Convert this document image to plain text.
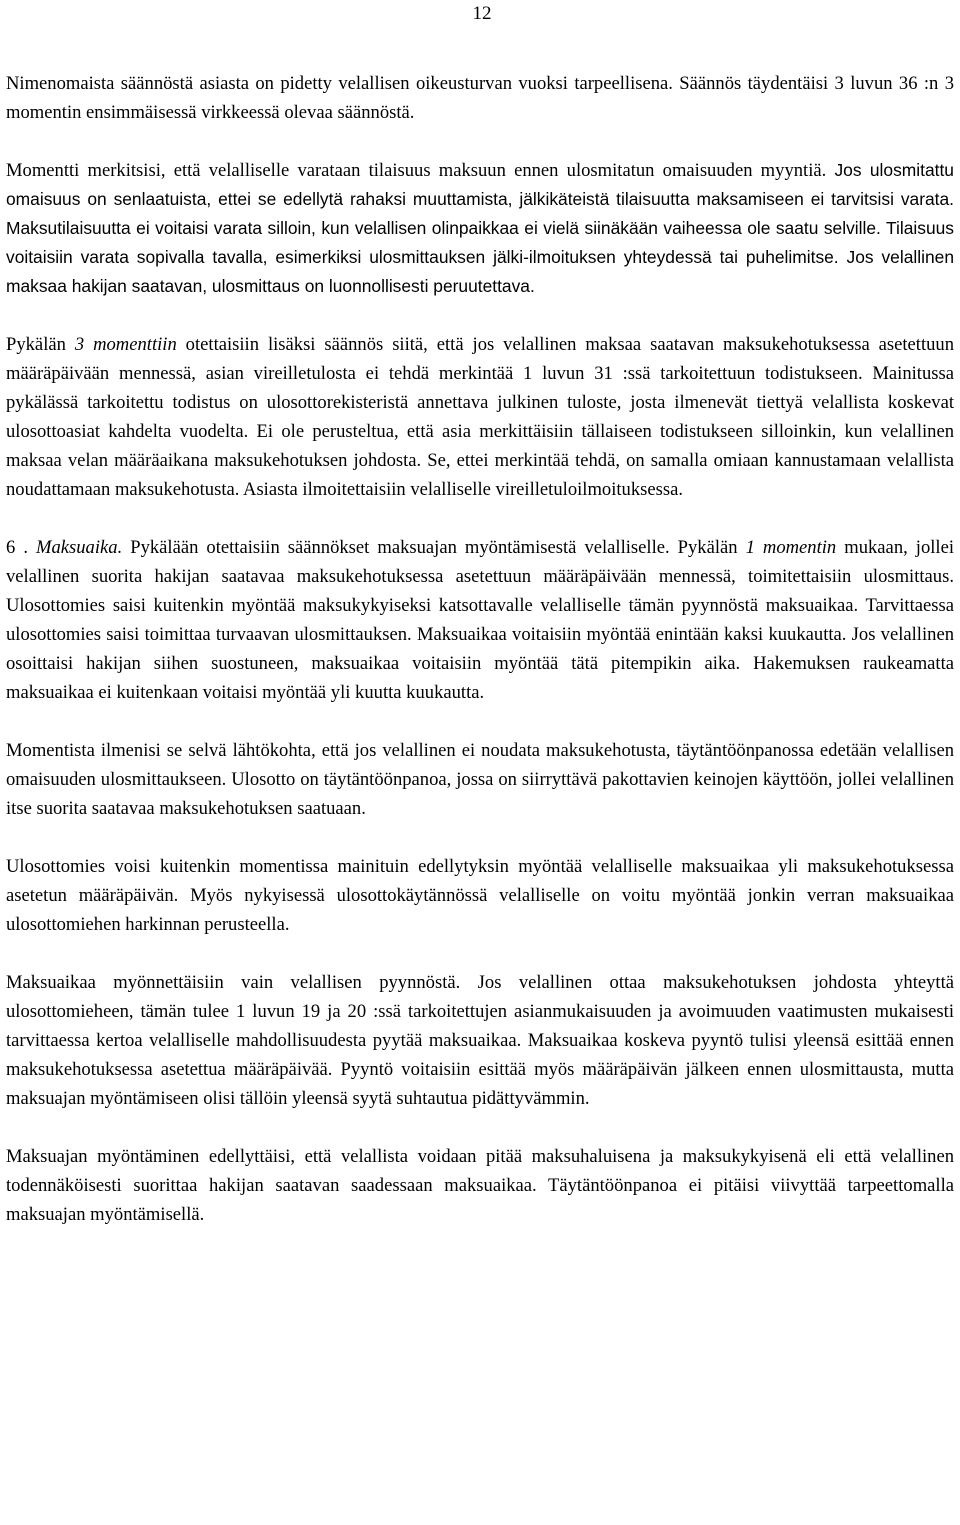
12

Nimenomaista säännöstä asiasta on pidetty velallisen oikeusturvan vuoksi tarpeellisena. Säännös täydentäisi 3 luvun 36 :n 3 momentin ensimmäisessä virkkeessä olevaa säännöstä.

Momentti merkitsisi, että velalliselle varataan tilaisuus maksuun ennen ulosmitatun omaisuuden myyntiä. Jos ulosmitattu omaisuus on senlaatuista, ettei se edellytä rahaksi muuttamista, jälkikäteistä tilaisuutta maksamiseen ei tarvitsisi varata. Maksutilaisuutta ei voitaisi varata silloin, kun velallisen olinpaikkaa ei vielä siinäkään vaiheessa ole saatu selville. Tilaisuus voitaisiin varata sopivalla tavalla, esimerkiksi ulosmittauksen jälki-ilmoituksen yhteydessä tai puhelimitse. Jos velallinen maksaa hakijan saatavan, ulosmittaus on luonnollisesti peruutettava.

Pykälän 3 momenttiin otettaisiin lisäksi säännös siitä, että jos velallinen maksaa saatavan maksukehotuksessa asetettuun määräpäivään mennessä, asian vireilletulosta ei tehdä merkintää 1 luvun 31 :ssä tarkoitettuun todistukseen. Mainitussa pykälässä tarkoitettu todistus on ulosottorekisteristä annettava julkinen tuloste, josta ilmenevät tiettyä velallista koskevat ulosottoasiat kahdelta vuodelta. Ei ole perusteltua, että asia merkittäisiin tällaiseen todistukseen silloinkin, kun velallinen maksaa velan määräaikana maksukehotuksen johdosta. Se, ettei merkintää tehdä, on samalla omiaan kannustamaan velallista noudattamaan maksukehotusta. Asiasta ilmoitettaisiin velalliselle vireilletuloilmoituksessa.

6 . Maksuaika. Pykälään otettaisiin säännökset maksuajan myöntämisestä velalliselle. Pykälän 1 momentin mukaan, jollei velallinen suorita hakijan saatavaa maksukehotuksessa asetettuun määräpäivään mennessä, toimitettaisiin ulosmittaus. Ulosottomies saisi kuitenkin myöntää maksukykyiseksi katsottavalle velalliselle tämän pyynnöstä maksuaikaa. Tarvittaessa ulosottomies saisi toimittaa turvaavan ulosmittauksen. Maksuaikaa voitaisiin myöntää enintään kaksi kuukautta. Jos velallinen osoittaisi hakijan siihen suostuneen, maksuaikaa voitaisiin myöntää tätä pitempikin aika. Hakemuksen raukeamatta maksuaikaa ei kuitenkaan voitaisi myöntää yli kuutta kuukautta.

Momentista ilmenisi se selvä lähtökohta, että jos velallinen ei noudata maksukehotusta, täytäntöönpanossa edetään velallisen omaisuuden ulosmittaukseen. Ulosotto on täytäntöönpanoa, jossa on siirryttävä pakottavien keinojen käyttöön, jollei velallinen itse suorita saatavaa maksukehotuksen saatuaan.

Ulosottomies voisi kuitenkin momentissa mainituin edellytyksin myöntää velalliselle maksuaikaa yli maksukehotuksessa asetetun määräpäivän. Myös nykyisessä ulosottokäytännössä velalliselle on voitu myöntää jonkin verran maksuaikaa ulosottomiehen harkinnan perusteella.

Maksuaikaa myönnettäisiin vain velallisen pyynnöstä. Jos velallinen ottaa maksukehotuksen johdosta yhteyttä ulosottomieheen, tämän tulee 1 luvun 19 ja 20 :ssä tarkoitettujen asianmukaisuuden ja avoimuuden vaatimusten mukaisesti tarvittaessa kertoa velalliselle mahdollisuudesta pyytää maksuaikaa. Maksuaikaa koskeva pyyntö tulisi yleensä esittää ennen maksukehotuksessa asetettua määräpäivää. Pyyntö voitaisiin esittää myös määräpäivän jälkeen ennen ulosmittausta, mutta maksuajan myöntämiseen olisi tällöin yleensä syytä suhtautua pidättyvämmin.

Maksuajan myöntäminen edellyttäisi, että velallista voidaan pitää maksuhaluisena ja maksukykyisenä eli että velallinen todennäköisesti suorittaa hakijan saatavan saadessaan maksuaikaa. Täytäntöönpanoa ei pitäisi viivyttää tarpeettomalla maksuajan myöntämisellä.
